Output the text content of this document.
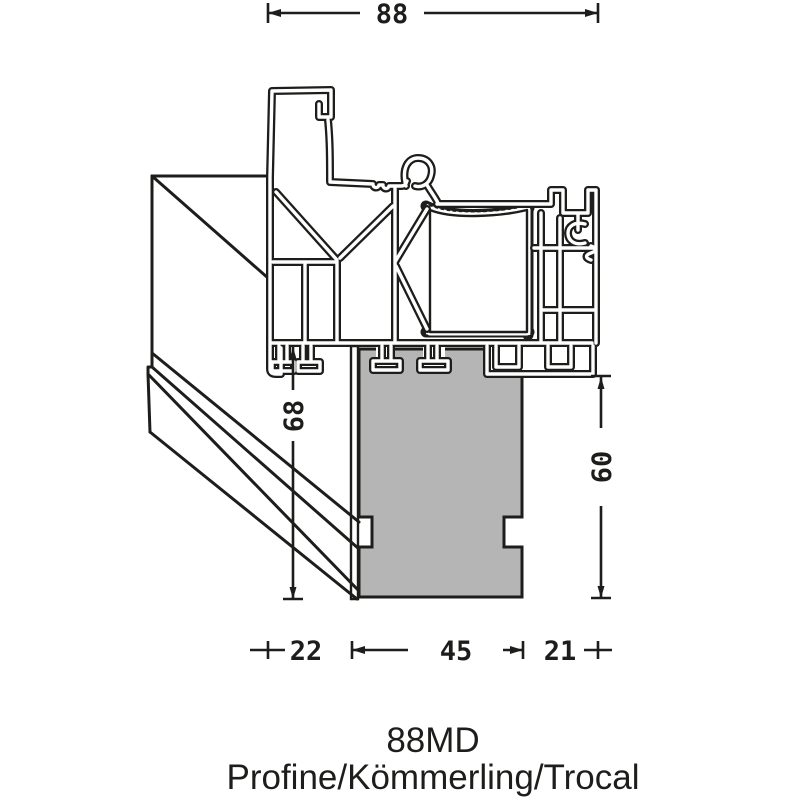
88
68
60
22	45	21
88MD
Profine/Kömmerling/Trocal
